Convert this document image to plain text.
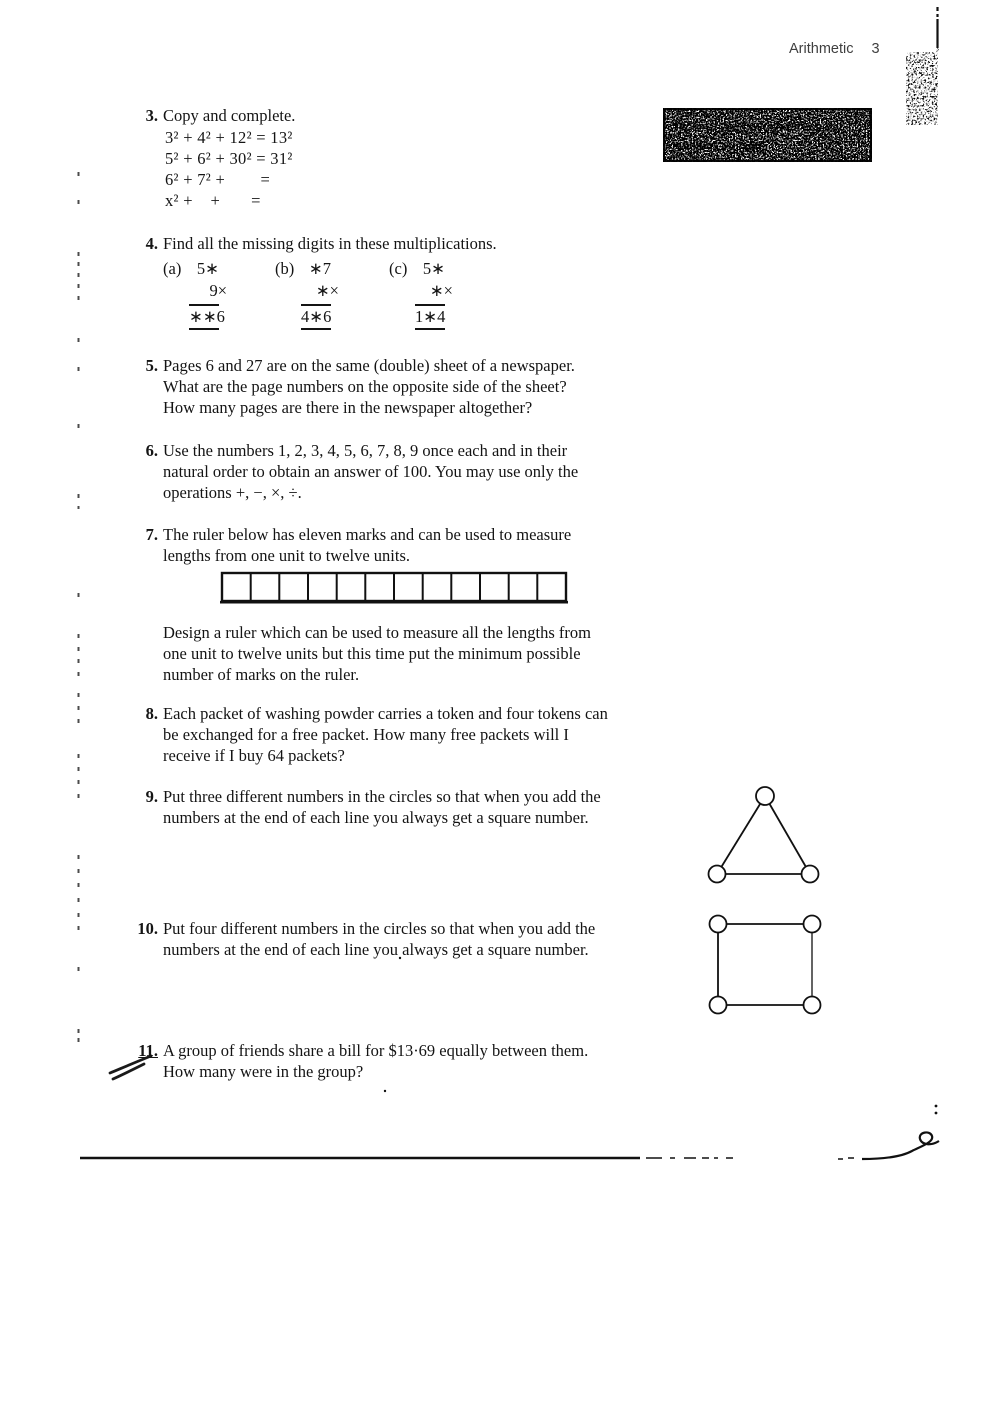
Arithmetic 3
You can find out about square
numbers on page
3. Copy and complete.
3² + 4² + 12² = 13²
5² + 6² + 30² = 31²
6² + 7² +        =
x² +    +       =
4. Find all the missing digits in these multiplications.
(a) 5∗
9×
∗∗6
(b) ∗7
∗×
4∗6
(c) 5∗
∗×
1∗4
5. Pages 6 and 27 are on the same (double) sheet of a newspaper.
What are the page numbers on the opposite side of the sheet?
How many pages are there in the newspaper altogether?
6. Use the numbers 1, 2, 3, 4, 5, 6, 7, 8, 9 once each and in their
natural order to obtain an answer of 100. You may use only the
operations +, −, ×, ÷.
7. The ruler below has eleven marks and can be used to measure
lengths from one unit to twelve units.
Design a ruler which can be used to measure all the lengths from
one unit to twelve units but this time put the minimum possible
number of marks on the ruler.
8. Each packet of washing powder carries a token and four tokens can
be exchanged for a free packet. How many free packets will I
receive if I buy 64 packets?
9. Put three different numbers in the circles so that when you add the
numbers at the end of each line you always get a square number.
10. Put four different numbers in the circles so that when you add the
numbers at the end of each line you always get a square number.
11. A group of friends share a bill for $13·69 equally between them.
How many were in the group?
